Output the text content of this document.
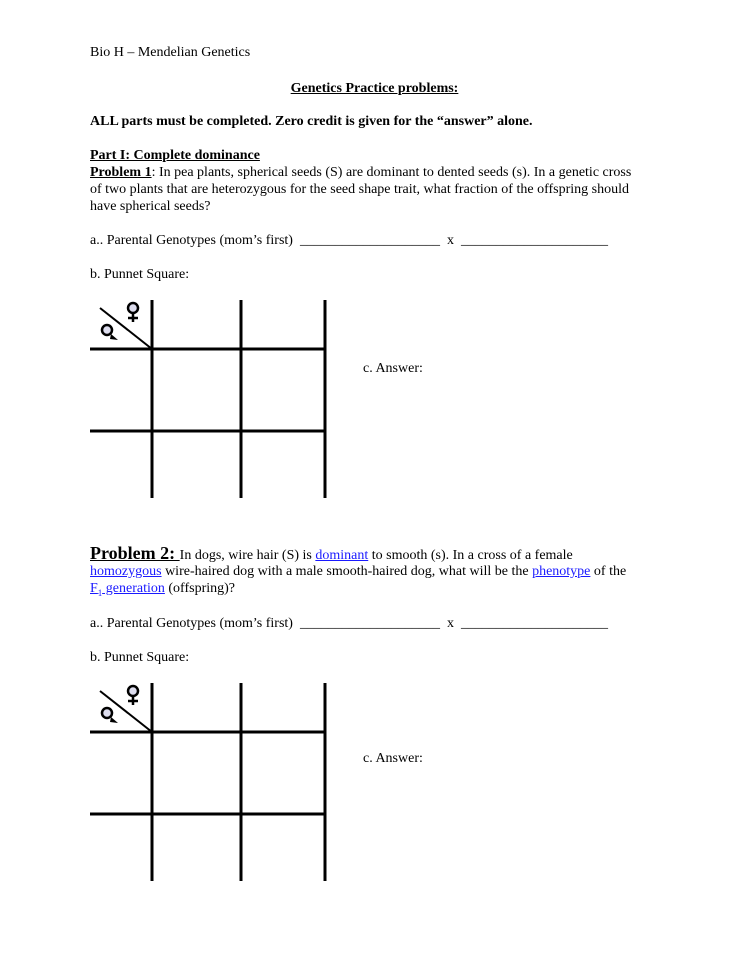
Bio H – Mendelian Genetics
Genetics Practice problems:
ALL parts must be completed. Zero credit is given for the “answer” alone.
Part I: Complete dominance
Problem 1: In pea plants, spherical seeds (S) are dominant to dented seeds (s). In a genetic cross
of two plants that are heterozygous for the seed shape trait, what fraction of the offspring should
have spherical seeds?
a.. Parental Genotypes (mom’s first) ____________________ x _____________________
b. Punnet Square:
c. Answer:
Problem 2: In dogs, wire hair (S) is dominant to smooth (s). In a cross of a female
homozygous wire-haired dog with a male smooth-haired dog, what will be the phenotype of the
$F_1$ generation (offspring)?
a.. Parental Genotypes (mom’s first) ____________________ x _____________________
b. Punnet Square:
c. Answer:
